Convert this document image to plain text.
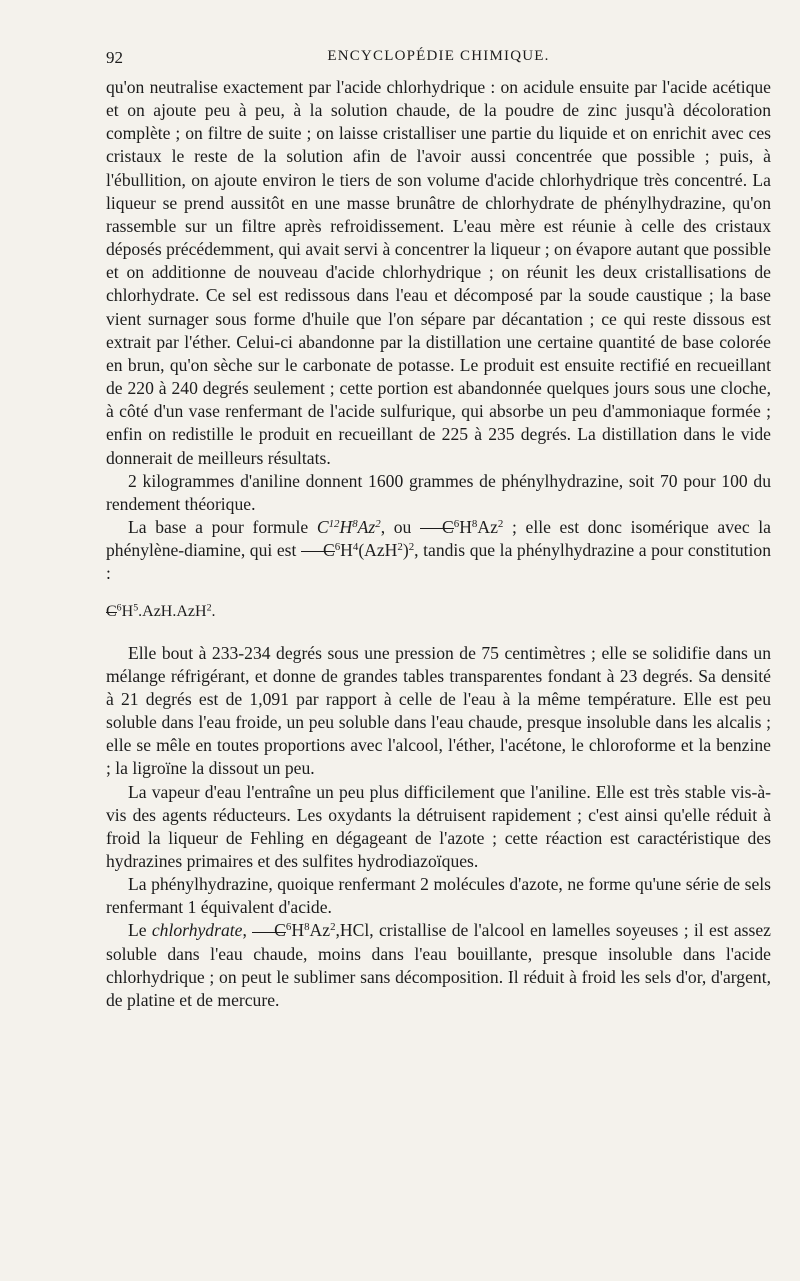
92	ENCYCLOPÉDIE CHIMIQUE.

qu'on neutralise exactement par l'acide chlorhydrique : on acidule ensuite par l'acide acétique et on ajoute peu à peu, à la solution chaude, de la poudre de zinc jusqu'à décoloration complète ; on filtre de suite ; on laisse cristalliser une partie du liquide et on enrichit avec ces cristaux le reste de la solution afin de l'avoir aussi concentrée que possible ; puis, à l'ébullition, on ajoute environ le tiers de son volume d'acide chlorhydrique très concentré. La liqueur se prend aussitôt en une masse brunâtre de chlorhydrate de phénylhydrazine, qu'on rassemble sur un filtre après refroidissement. L'eau mère est réunie à celle des cristaux déposés précédemment, qui avait servi à concentrer la liqueur ; on évapore autant que possible et on additionne de nouveau d'acide chlorhydrique ; on réunit les deux cristallisations de chlorhydrate. Ce sel est redissous dans l'eau et décomposé par la soude caustique ; la base vient surnager sous forme d'huile que l'on sépare par décantation ; ce qui reste dissous est extrait par l'éther. Celui-ci abandonne par la distillation une certaine quantité de base colorée en brun, qu'on sèche sur le carbonate de potasse. Le produit est ensuite rectifié en recueillant de 220 à 240 degrés seulement ; cette portion est abandonnée quelques jours sous une cloche, à côté d'un vase renfermant de l'acide sulfurique, qui absorbe un peu d'ammoniaque formée ; enfin on redistille le produit en recueillant de 225 à 235 degrés. La distillation dans le vide donnerait de meilleurs résultats.

2 kilogrammes d'aniline donnent 1600 grammes de phénylhydrazine, soit 70 pour 100 du rendement théorique.

La base a pour formule $C^{12}H^8Az^2$, ou $C^6H^8Az^2$ ; elle est donc isomérique avec la phénylène-diamine, qui est $C^6H^4(AzH^2)^2$, tandis que la phénylhydrazine a pour constitution :

$C^6H^5.AzH.AzH^2$.

Elle bout à 233-234 degrés sous une pression de 75 centimètres ; elle se solidifie dans un mélange réfrigérant, et donne de grandes tables transparentes fondant à 23 degrés. Sa densité à 21 degrés est de 1,091 par rapport à celle de l'eau à la même température. Elle est peu soluble dans l'eau froide, un peu soluble dans l'eau chaude, presque insoluble dans les alcalis ; elle se mêle en toutes proportions avec l'alcool, l'éther, l'acétone, le chloroforme et la benzine ; la ligroïne la dissout un peu.

La vapeur d'eau l'entraîne un peu plus difficilement que l'aniline. Elle est très stable vis-à-vis des agents réducteurs. Les oxydants la détruisent rapidement ; c'est ainsi qu'elle réduit à froid la liqueur de Fehling en dégageant de l'azote ; cette réaction est caractéristique des hydrazines primaires et des sulfites hydrodiazoïques.

La phénylhydrazine, quoique renfermant 2 molécules d'azote, ne forme qu'une série de sels renfermant 1 équivalent d'acide.

Le chlorhydrate, $C^6H^8Az^2,HCl$, cristallise de l'alcool en lamelles soyeuses ; il est assez soluble dans l'eau chaude, moins dans l'eau bouillante, presque insoluble dans l'acide chlorhydrique ; on peut le sublimer sans décomposition. Il réduit à froid les sels d'or, d'argent, de platine et de mercure.
